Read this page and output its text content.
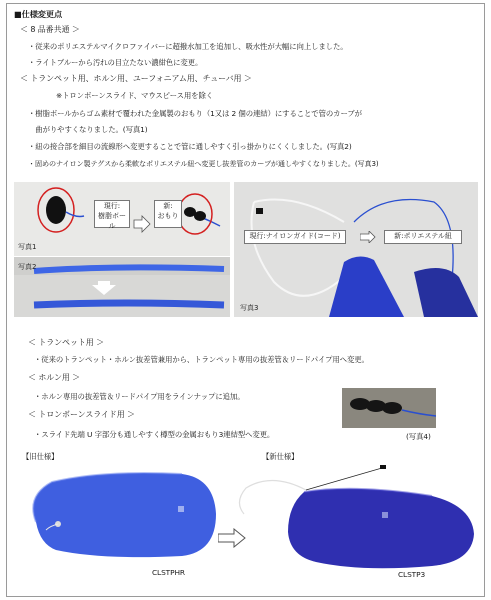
■仕様変更点
＜ 8 品番共通 ＞
・従来のポリエステルマイクロファイバーに超撥水加工を追加し、吸水性が大幅に向上しました。
・ライトブルーから汚れの目立たない濃紺色に変更。
＜ トランペット用、ホルン用、ユーフォニアム用、チューバ用 ＞
※トロンボーンスライド、マウスピース用を除く
・樹脂ボールからゴム素材で覆われた金属製のおもり（1又は 2 個の連結）にすることで管のカーブが
　曲がりやすくなりました。(写真1)
・紐の接合部を細目の流線形へ変更することで管に通しやすく引っ掛かりにくくしました。(写真2)
・固めのナイロン製テグスから柔軟なポリエステル紐へ変更し抜差管のカーブが通しやすくなりました。(写真3)
現行:
樹脂ボール
新:
おもり
写真1
写真2
現行:ナイロンガイド(コード)	新:ポリエステル紐
写真3
＜ トランペット用 ＞
・従来のトランペット・ホルン抜差管兼用から、トランペット専用の抜差管＆リードパイプ用へ変更。
＜ ホルン用 ＞
・ホルン専用の抜差管＆リードパイプ用をラインナップに追加。
＜ トロンボーンスライド用 ＞
・スライド先端 U 字部分も通しやすく樽型の金属おもり3連結型へ変更。	(写真4)
【旧仕様】	【新仕様】
CLSTPHR	CLSTP3
